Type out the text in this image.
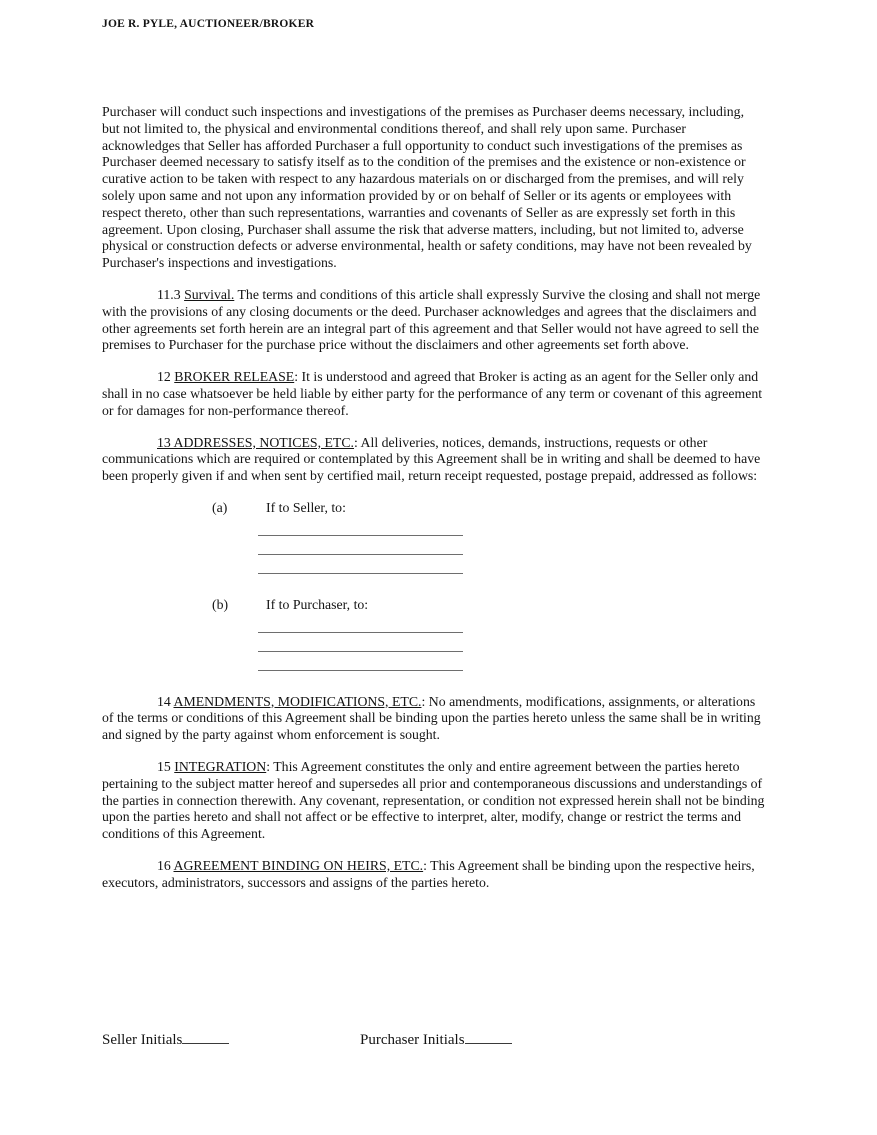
JOE R. PYLE, AUCTIONEER/BROKER

Purchaser will conduct such inspections and investigations of the premises as Purchaser deems necessary, including, but not limited to, the physical and environmental conditions thereof, and shall rely upon same. Purchaser acknowledges that Seller has afforded Purchaser a full opportunity to conduct such investigations of the premises as Purchaser deemed necessary to satisfy itself as to the condition of the premises and the existence or non-existence or curative action to be taken with respect to any hazardous materials on or discharged from the premises, and will rely solely upon same and not upon any information provided by or on behalf of Seller or its agents or employees with respect thereto, other than such representations, warranties and covenants of Seller as are expressly set forth in this agreement. Upon closing, Purchaser shall assume the risk that adverse matters, including, but not limited to, adverse physical or construction defects or adverse environmental, health or safety conditions, may have not been revealed by Purchaser's inspections and investigations.

11.3 Survival. The terms and conditions of this article shall expressly Survive the closing and shall not merge with the provisions of any closing documents or the deed. Purchaser acknowledges and agrees that the disclaimers and other agreements set forth herein are an integral part of this agreement and that Seller would not have agreed to sell the premises to Purchaser for the purchase price without the disclaimers and other agreements set forth above.

12 BROKER RELEASE: It is understood and agreed that Broker is acting as an agent for the Seller only and shall in no case whatsoever be held liable by either party for the performance of any term or covenant of this agreement or for damages for non-performance thereof.

13 ADDRESSES, NOTICES, ETC.: All deliveries, notices, demands, instructions, requests or other communications which are required or contemplated by this Agreement shall be in writing and shall be deemed to have been properly given if and when sent by certified mail, return receipt requested, postage prepaid, addressed as follows:

(a)	If to Seller, to:
(b)	If to Purchaser, to:

14 AMENDMENTS, MODIFICATIONS, ETC.: No amendments, modifications, assignments, or alterations of the terms or conditions of this Agreement shall be binding upon the parties hereto unless the same shall be in writing and signed by the party against whom enforcement is sought.

15 INTEGRATION: This Agreement constitutes the only and entire agreement between the parties hereto pertaining to the subject matter hereof and supersedes all prior and contemporaneous discussions and understandings of the parties in connection therewith. Any covenant, representation, or condition not expressed herein shall not be binding upon the parties hereto and shall not affect or be effective to interpret, alter, modify, change or restrict the terms and conditions of this Agreement.

16 AGREEMENT BINDING ON HEIRS, ETC.: This Agreement shall be binding upon the respective heirs, executors, administrators, successors and assigns of the parties hereto.

Seller Initials	Purchaser Initials
